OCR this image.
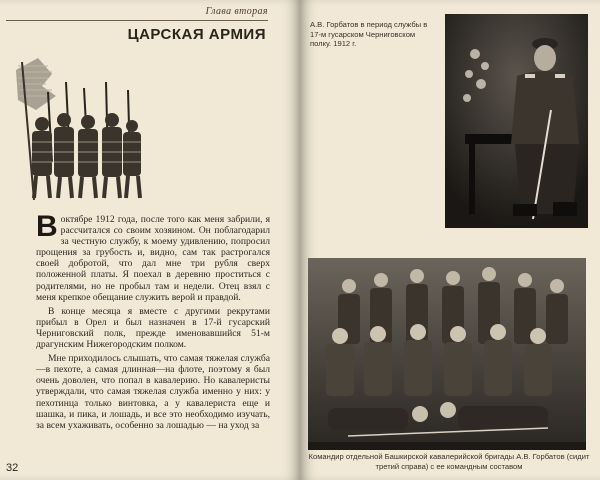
Глава вторая
ЦАРСКАЯ АРМИЯ

Воктябре 1912 года, после того как меня забрили, я рассчитался со своим хозяином. Он поблагодарил за честную службу, к моему удивлению, попросил прощения за грубость и, видно, сам так растрогался своей добротой, что дал мне три рубля сверх положенной платы. Я поехал в деревню проститься с родителями, но не пробыл там и недели. Отец взял с меня крепкое обещание служить верой и правдой.

В конце месяца я вместе с другими рекрутами прибыл в Орел и был назначен в 17-й гусарский Черниговский полк, прежде именовавшийся 51-м драгунским Нижегородским полком.

Мне приходилось слышать, что самая тяжелая служба—в пехоте, а самая длинная—на флоте, поэтому я был очень доволен, что попал в кавалерию. Но кавалеристы утверждали, что самая тяжелая служба именно у них: у пехотинца только винтовка, а у кавалериста еще и шашка, и пика, и лошадь, и все это необходимо изучать, за всем ухаживать, особенно за лошадью — на уход за

32
А.В. Горбатов в период службы в 17-м гусарском Черниговском полку. 1912 г.
Командир отдельной Башкирской кавалерийской бригады А.В. Горбатов (сидит третий справа) с ее командным составом
